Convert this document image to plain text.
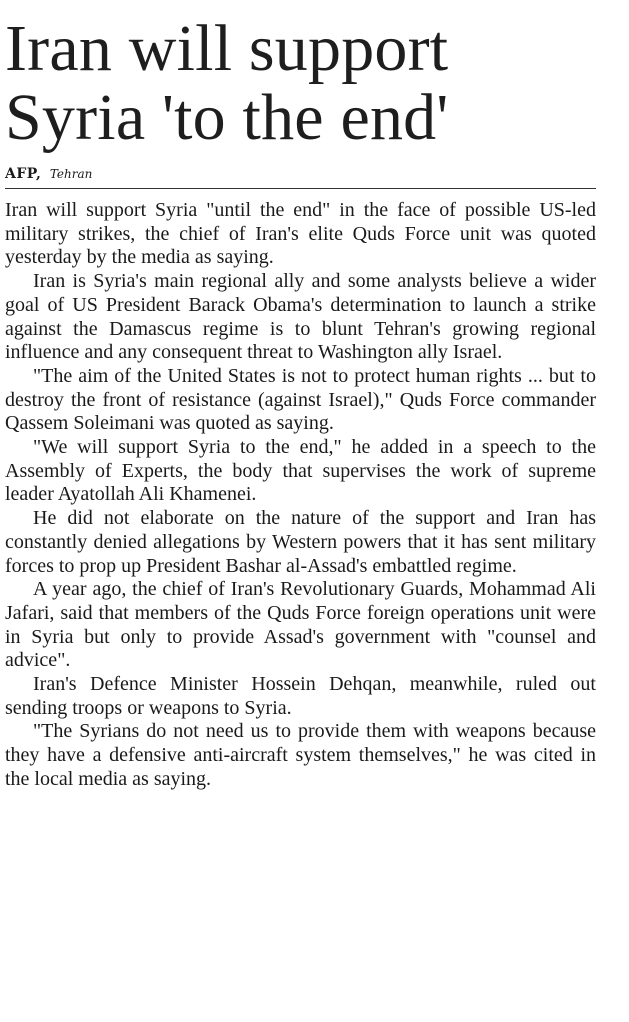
Iran will support Syria 'to the end'
AFP, Tehran

Iran will support Syria "until the end" in the face of possible US-led military strikes, the chief of Iran's elite Quds Force unit was quoted yesterday by the media as saying.

Iran is Syria's main regional ally and some analysts believe a wider goal of US President Barack Obama's determination to launch a strike against the Damascus regime is to blunt Tehran's growing regional influence and any consequent threat to Washington ally Israel.

"The aim of the United States is not to protect human rights ... but to destroy the front of resistance (against Israel)," Quds Force commander Qassem Soleimani was quoted as saying.

"We will support Syria to the end," he added in a speech to the Assembly of Experts, the body that supervises the work of supreme leader Ayatollah Ali Khamenei.

He did not elaborate on the nature of the support and Iran has constantly denied allegations by Western powers that it has sent military forces to prop up President Bashar al-Assad's embattled regime.

A year ago, the chief of Iran's Revolutionary Guards, Mohammad Ali Jafari, said that members of the Quds Force foreign operations unit were in Syria but only to provide Assad's government with "counsel and advice".

Iran's Defence Minister Hossein Dehqan, meanwhile, ruled out sending troops or weapons to Syria.

"The Syrians do not need us to provide them with weapons because they have a defensive anti-aircraft system themselves," he was cited in the local media as saying.
